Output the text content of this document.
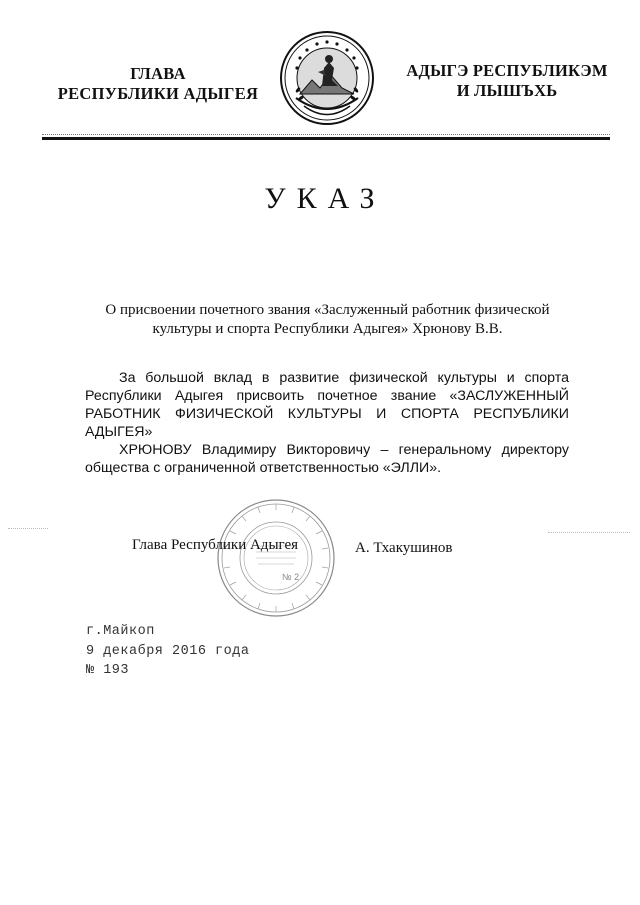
ГЛАВА
РЕСПУБЛИКИ АДЫГЕЯ
АДЫГЭ РЕСПУБЛИКЭМ
И ЛЫШЪХЬ
УКАЗ
О присвоении почетного звания «Заслуженный работник физической
культуры и спорта Республики Адыгея» Хрюнову В.В.

За большой вклад в развитие физической культуры и спорта Республики Адыгея присвоить почетное звание «ЗАСЛУЖЕННЫЙ РАБОТНИК ФИЗИЧЕСКОЙ КУЛЬТУРЫ И СПОРТА РЕСПУБЛИКИ АДЫГЕЯ»

ХРЮНОВУ Владимиру Викторовичу – генеральному директору общества с ограниченной ответственностью «ЭЛЛИ».

№ 2
Глава Республики Адыгея	А. Тхакушинов
г.Майкоп
9 декабря 2016 года
№ 193
